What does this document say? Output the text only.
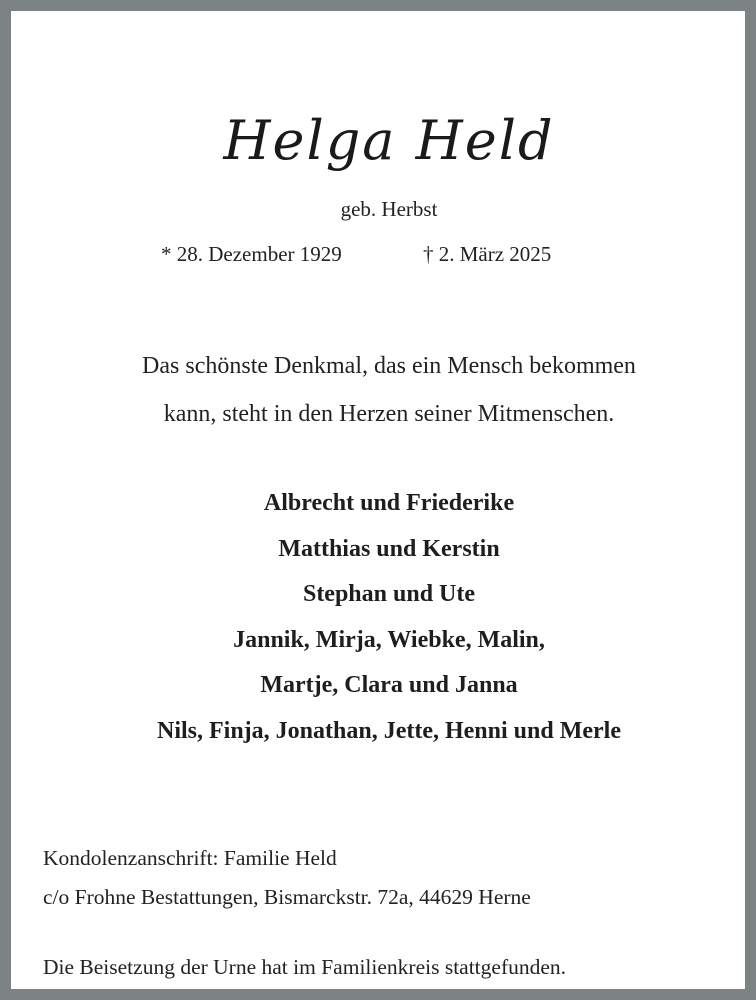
Helga Held
geb. Herbst
* 28. Dezember 1929	† 2. März 2025
Das schönste Denkmal, das ein Mensch bekommen
kann, steht in den Herzen seiner Mitmenschen.
Albrecht und Friederike
Matthias und Kerstin
Stephan und Ute
Jannik, Mirja, Wiebke, Malin,
Martje, Clara und Janna
Nils, Finja, Jonathan, Jette, Henni und Merle
Kondolenzanschrift: Familie Held
c/o Frohne Bestattungen, Bismarckstr. 72a, 44629 Herne
Die Beisetzung der Urne hat im Familienkreis stattgefunden.
